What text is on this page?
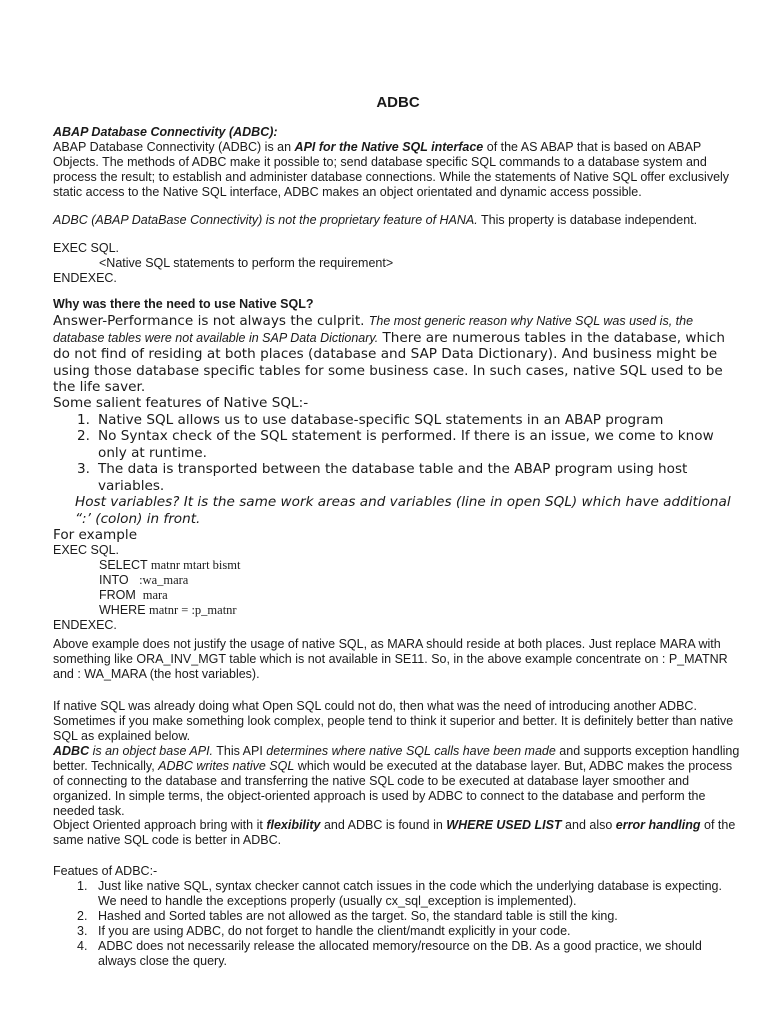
ADBC
ABAP Database Connectivity (ADBC):
ABAP Database Connectivity (ADBC) is an API for the Native SQL interface of the AS ABAP that is based on ABAP Objects. The methods of ADBC make it possible to; send database specific SQL commands to a database system and process the result; to establish and administer database connections. While the statements of Native SQL offer exclusively static access to the Native SQL interface, ADBC makes an object orientated and dynamic access possible.
ADBC (ABAP DataBase Connectivity) is not the proprietary feature of HANA. This property is database independent.
EXEC SQL.
<Native SQL statements to perform the requirement>
ENDEXEC.
Why was there the need to use Native SQL?
Answer-Performance is not always the culprit. The most generic reason why Native SQL was used is, the database tables were not available in SAP Data Dictionary. There are numerous tables in the database, which do not find of residing at both places (database and SAP Data Dictionary). And business might be using those database specific tables for some business case. In such cases, native SQL used to be the life saver.
Some salient features of Native SQL:-
1. Native SQL allows us to use database-specific SQL statements in an ABAP program
2. No Syntax check of the SQL statement is performed. If there is an issue, we come to know only at runtime.
3. The data is transported between the database table and the ABAP program using host variables.
Host variables? It is the same work areas and variables (line in open SQL) which have additional “:’ (colon) in front.
For example
EXEC SQL.
SELECT matnr mtart bismt
INTO   :wa_mara
FROM  mara
WHERE matnr = :p_matnr
ENDEXEC.
Above example does not justify the usage of native SQL, as MARA should reside at both places. Just replace MARA with something like ORA_INV_MGT table which is not available in SE11. So, in the above example concentrate on : P_MATNR and : WA_MARA (the host variables).
If native SQL was already doing what Open SQL could not do, then what was the need of introducing another ADBC. Sometimes if you make something look complex, people tend to think it superior and better. It is definitely better than native SQL as explained below.
ADBC is an object base API. This API determines where native SQL calls have been made and supports exception handling better. Technically, ADBC writes native SQL which would be executed at the database layer. But, ADBC makes the process of connecting to the database and transferring the native SQL code to be executed at database layer smoother and organized. In simple terms, the object-oriented approach is used by ADBC to connect to the database and perform the needed task.
Object Oriented approach bring with it flexibility and ADBC is found in WHERE USED LIST and also error handling of the same native SQL code is better in ADBC.
Featues of ADBC:-
1. Just like native SQL, syntax checker cannot catch issues in the code which the underlying database is expecting. We need to handle the exceptions properly (usually cx_sql_exception is implemented).
2. Hashed and Sorted tables are not allowed as the target. So, the standard table is still the king.
3. If you are using ADBC, do not forget to handle the client/mandt explicitly in your code.
4. ADBC does not necessarily release the allocated memory/resource on the DB. As a good practice, we should always close the query.
